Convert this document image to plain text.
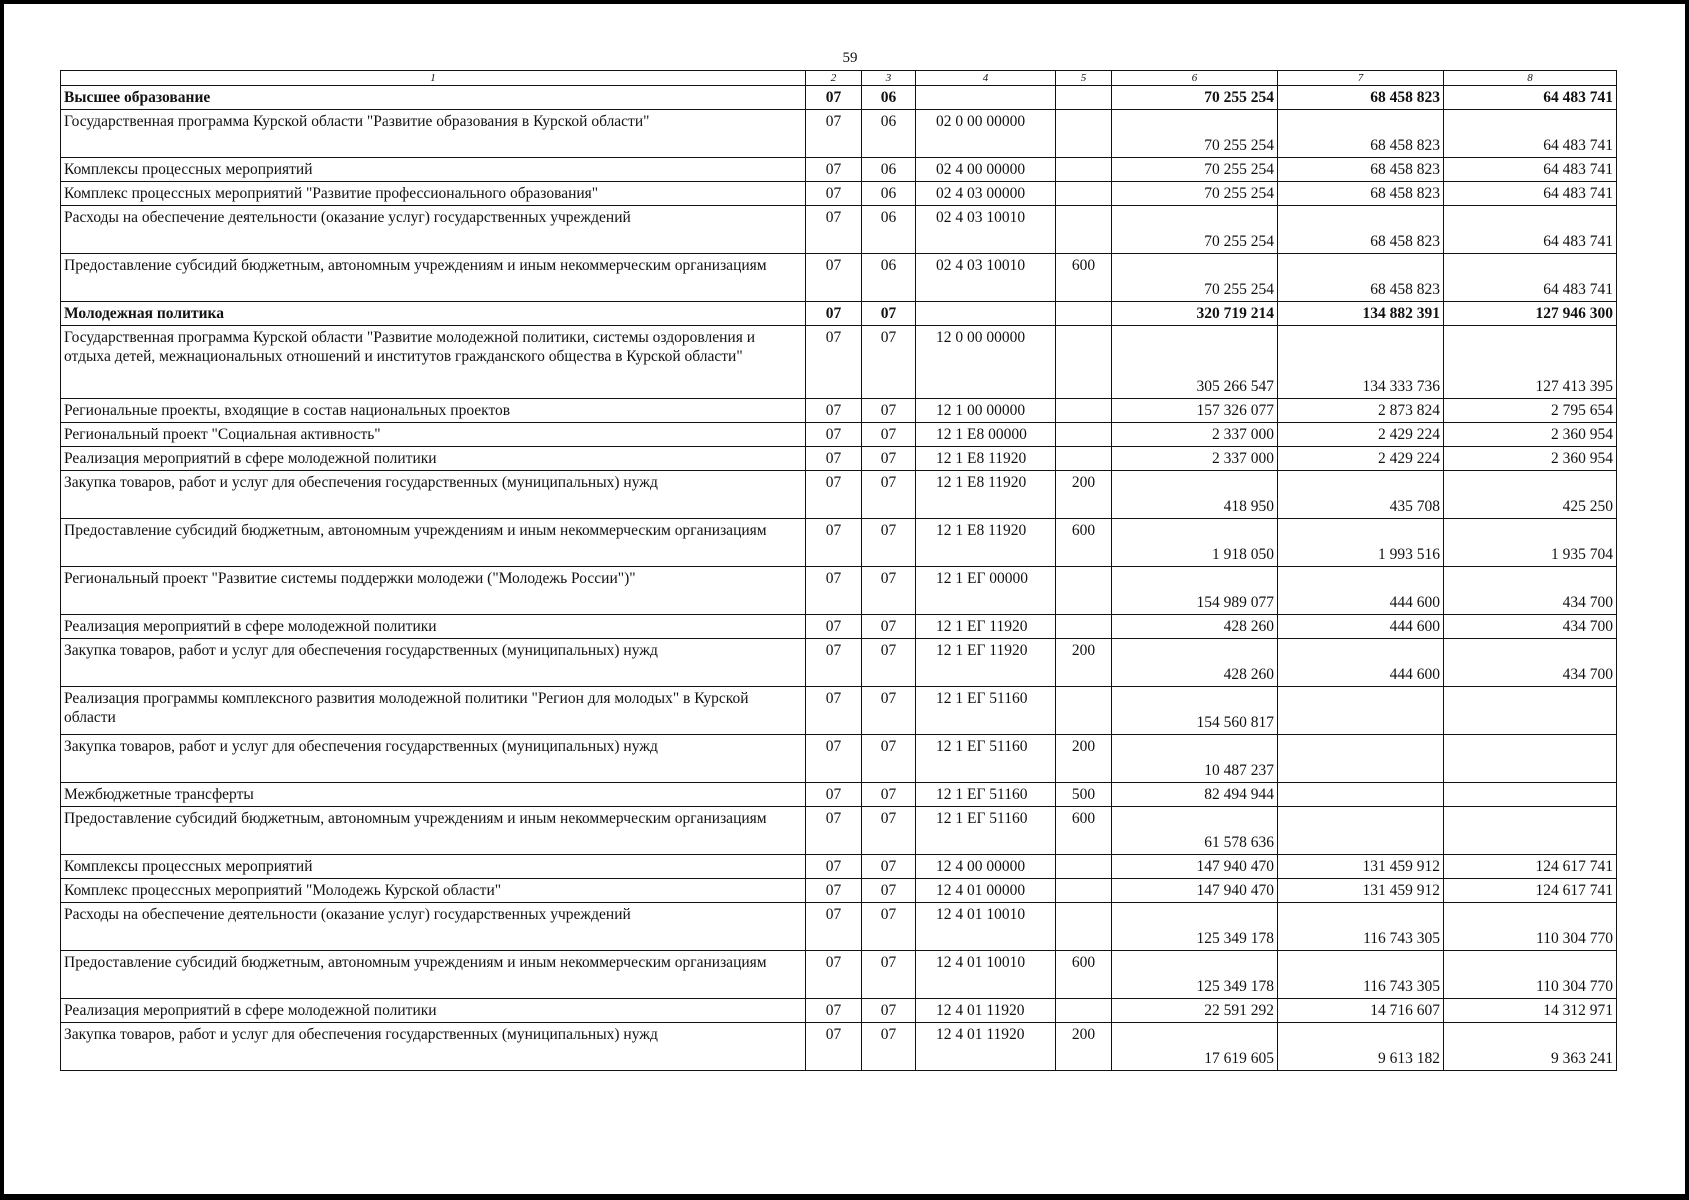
59
1	2	3	4	5	6	7	8
Высшее образование	07	06			70 255 254	68 458 823	64 483 741
Государственная программа Курской области "Развитие образования в Курской области"	07	06	02 0 00 00000		70 255 254	68 458 823	64 483 741
Комплексы процессных мероприятий	07	06	02 4 00 00000		70 255 254	68 458 823	64 483 741
Комплекс процессных мероприятий "Развитие профессионального образования"	07	06	02 4 03 00000		70 255 254	68 458 823	64 483 741
Расходы на обеспечение деятельности (оказание услуг) государственных учреждений	07	06	02 4 03 10010		70 255 254	68 458 823	64 483 741
Предоставление субсидий бюджетным, автономным учреждениям и иным некоммерческим организациям	07	06	02 4 03 10010	600	70 255 254	68 458 823	64 483 741
Молодежная политика	07	07			320 719 214	134 882 391	127 946 300
Государственная программа Курской области "Развитие молодежной политики, системы оздоровления и отдыха детей, межнациональных отношений и институтов гражданского общества в Курской области"	07	07	12 0 00 00000		305 266 547	134 333 736	127 413 395
Региональные проекты, входящие в состав национальных проектов	07	07	12 1 00 00000		157 326 077	2 873 824	2 795 654
Региональный проект "Социальная активность"	07	07	12 1 E8 00000		2 337 000	2 429 224	2 360 954
Реализация мероприятий в сфере молодежной политики	07	07	12 1 E8 11920		2 337 000	2 429 224	2 360 954
Закупка товаров, работ и услуг для обеспечения государственных (муниципальных) нужд	07	07	12 1 E8 11920	200	418 950	435 708	425 250
Предоставление субсидий бюджетным, автономным учреждениям и иным некоммерческим организациям	07	07	12 1 E8 11920	600	1 918 050	1 993 516	1 935 704
Региональный проект "Развитие системы поддержки молодежи ("Молодежь России")"	07	07	12 1 ЕГ 00000		154 989 077	444 600	434 700
Реализация мероприятий в сфере молодежной политики	07	07	12 1 ЕГ 11920		428 260	444 600	434 700
Закупка товаров, работ и услуг для обеспечения государственных (муниципальных) нужд	07	07	12 1 ЕГ 11920	200	428 260	444 600	434 700
Реализация программы комплексного развития молодежной политики "Регион для молодых" в Курской области	07	07	12 1 ЕГ 51160		154 560 817		
Закупка товаров, работ и услуг для обеспечения государственных (муниципальных) нужд	07	07	12 1 ЕГ 51160	200	10 487 237		
Межбюджетные трансферты	07	07	12 1 ЕГ 51160	500	82 494 944		
Предоставление субсидий бюджетным, автономным учреждениям и иным некоммерческим организациям	07	07	12 1 ЕГ 51160	600	61 578 636		
Комплексы процессных мероприятий	07	07	12 4 00 00000		147 940 470	131 459 912	124 617 741
Комплекс процессных мероприятий "Молодежь Курской области"	07	07	12 4 01 00000		147 940 470	131 459 912	124 617 741
Расходы на обеспечение деятельности (оказание услуг) государственных учреждений	07	07	12 4 01 10010		125 349 178	116 743 305	110 304 770
Предоставление субсидий бюджетным, автономным учреждениям и иным некоммерческим организациям	07	07	12 4 01 10010	600	125 349 178	116 743 305	110 304 770
Реализация мероприятий в сфере молодежной политики	07	07	12 4 01 11920		22 591 292	14 716 607	14 312 971
Закупка товаров, работ и услуг для обеспечения государственных (муниципальных) нужд	07	07	12 4 01 11920	200	17 619 605	9 613 182	9 363 241
